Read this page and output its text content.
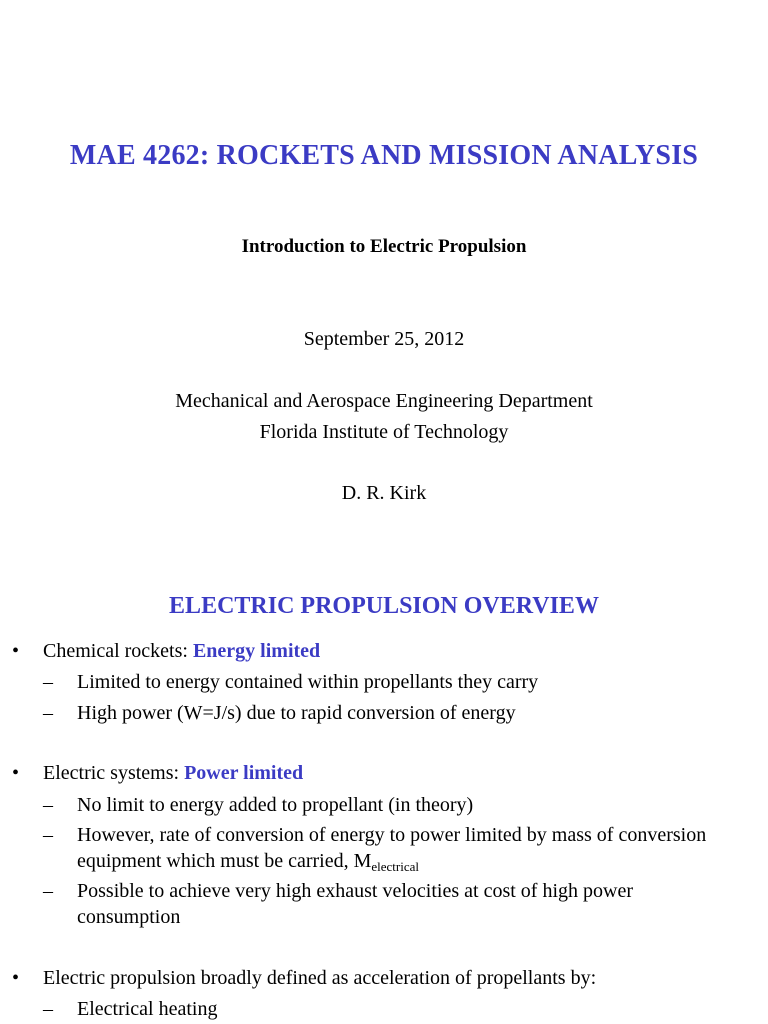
MAE 4262: ROCKETS AND MISSION ANALYSIS
Introduction to Electric Propulsion
September 25, 2012
Mechanical and Aerospace Engineering Department
Florida Institute of Technology
D. R. Kirk
ELECTRIC PROPULSION OVERVIEW
• Chemical rockets: Energy limited
– Limited to energy contained within propellants they carry
– High power (W=J/s) due to rapid conversion of energy
• Electric systems: Power limited
– No limit to energy added to propellant (in theory)
– However, rate of conversion of energy to power limited by mass of conversion
equipment which must be carried, $M_{electrical}$
– Possible to achieve very high exhaust velocities at cost of high power
consumption
• Electric propulsion broadly defined as acceleration of propellants by:
– Electrical heating
